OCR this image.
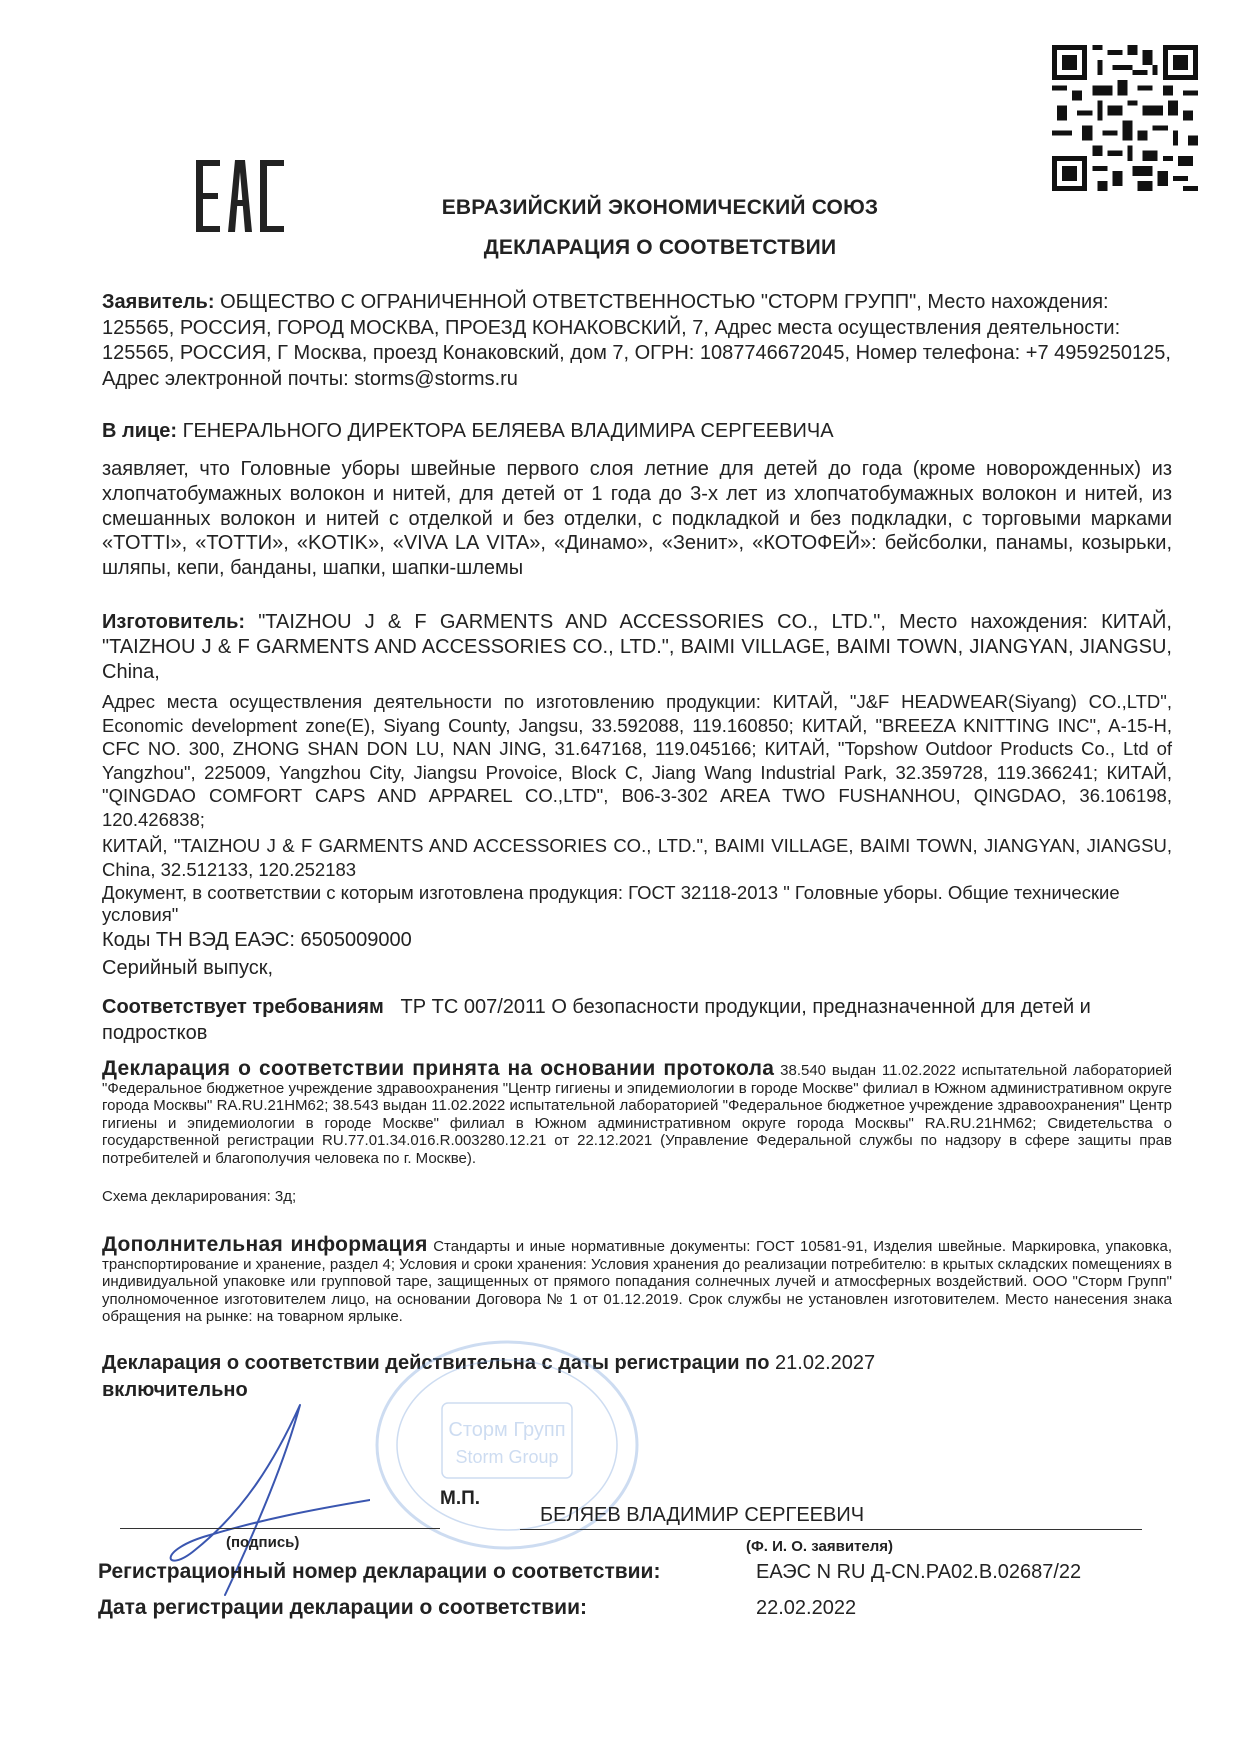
ЕВРАЗИЙСКИЙ ЭКОНОМИЧЕСКИЙ СОЮЗ
ДЕКЛАРАЦИЯ О СООТВЕТСТВИИ
Заявитель: ОБЩЕСТВО С ОГРАНИЧЕННОЙ ОТВЕТСТВЕННОСТЬЮ "СТОРМ ГРУПП", Место нахождения: 125565, РОССИЯ, ГОРОД МОСКВА, ПРОЕЗД КОНАКОВСКИЙ, 7, Адрес места осуществления деятельности: 125565, РОССИЯ, Г Москва, проезд Конаковский, дом 7, ОГРН: 1087746672045, Номер телефона: +7 4959250125, Адрес электронной почты: storms@storms.ru
В лице: ГЕНЕРАЛЬНОГО ДИРЕКТОРА БЕЛЯЕВА ВЛАДИМИРА СЕРГЕЕВИЧА
заявляет, что Головные уборы швейные первого слоя летние для детей до года (кроме новорожденных) из хлопчатобумажных волокон и нитей, для детей от 1 года до 3-х лет из хлопчатобумажных волокон и нитей, из смешанных волокон и нитей с отделкой и без отделки, с подкладкой и без подкладки, с торговыми марками «TOTTI», «ТОТТИ», «KOTIK», «VIVA LA VITA», «Динамо», «Зенит», «КОТОФЕЙ»: бейсболки, панамы, козырьки, шляпы, кепи, банданы, шапки, шапки-шлемы
Изготовитель: "TAIZHOU J & F GARMENTS AND ACCESSORIES CO., LTD.", Место нахождения: КИТАЙ, "TAIZHOU J & F GARMENTS AND ACCESSORIES CO., LTD.", BAIMI VILLAGE, BAIMI TOWN, JIANGYAN, JIANGSU, China,
Адрес места осуществления деятельности по изготовлению продукции: КИТАЙ, "J&F HEADWEAR(Siyang) CO.,LTD", Economic development zone(E), Siyang County, Jangsu, 33.592088, 119.160850; КИТАЙ, "BREEZA KNITTING INC", A-15-H, CFC NO. 300, ZHONG SHAN DON LU, NAN JING, 31.647168, 119.045166; КИТАЙ, "Topshow Outdoor Products Co., Ltd of Yangzhou", 225009, Yangzhou City, Jiangsu Provoice, Block C, Jiang Wang Industrial Park, 32.359728, 119.366241; КИТАЙ, "QINGDAO COMFORT CAPS AND APPAREL CO.,LTD", B06-3-302 AREA TWO FUSHANHOU, QINGDAO, 36.106198, 120.426838;
КИТАЙ, "TAIZHOU J & F GARMENTS AND ACCESSORIES CO., LTD.", BAIMI VILLAGE, BAIMI TOWN, JIANGYAN, JIANGSU, China, 32.512133, 120.252183
Документ, в соответствии с которым изготовлена продукция: ГОСТ 32118-2013 " Головные уборы. Общие технические условия"
Коды ТН ВЭД ЕАЭС: 6505009000
Серийный выпуск,
Соответствует требованиям ТР ТС 007/2011 О безопасности продукции, предназначенной для детей и подростков
Декларация о соответствии принята на основании протокола 38.540 выдан 11.02.2022 испытательной лабораторией "Федеральное бюджетное учреждение здравоохранения "Центр гигиены и эпидемиологии в городе Москве" филиал в Южном административном округе города Москвы" RA.RU.21HM62; 38.543 выдан 11.02.2022 испытательной лабораторией "Федеральное бюджетное учреждение здравоохранения" Центр гигиены и эпидемиологии в городе Москве" филиал в Южном административном округе города Москвы" RA.RU.21HM62; Свидетельства о государственной регистрации RU.77.01.34.016.R.003280.12.21 от 22.12.2021 (Управление Федеральной службы по надзору в сфере защиты прав потребителей и благополучия человека по г. Москве).
Схема декларирования: 3д;
Дополнительная информация Стандарты и иные нормативные документы: ГОСТ 10581-91, Изделия швейные. Маркировка, упаковка, транспортирование и хранение, раздел 4; Условия и сроки хранения: Условия хранения до реализации потребителю: в крытых складских помещениях в индивидуальной упаковке или групповой таре, защищенных от прямого попадания солнечных лучей и атмосферных воздействий. ООО "Сторм Групп" уполномоченное изготовителем лицо, на основании Договора № 1 от 01.12.2019. Срок службы не установлен изготовителем. Место нанесения знака обращения на рынке: на товарном ярлыке.
Декларация о соответствии действительна с даты регистрации по 21.02.2027
включительно
Сторм Групп
Storm Group
М.П.
БЕЛЯЕВ ВЛАДИМИР СЕРГЕЕВИЧ
(подпись)	(Ф. И. О. заявителя)
Регистрационный номер декларации о соответствии:	ЕАЭС N RU Д-CN.РА02.В.02687/22
Дата регистрации декларации о соответствии:	22.02.2022
